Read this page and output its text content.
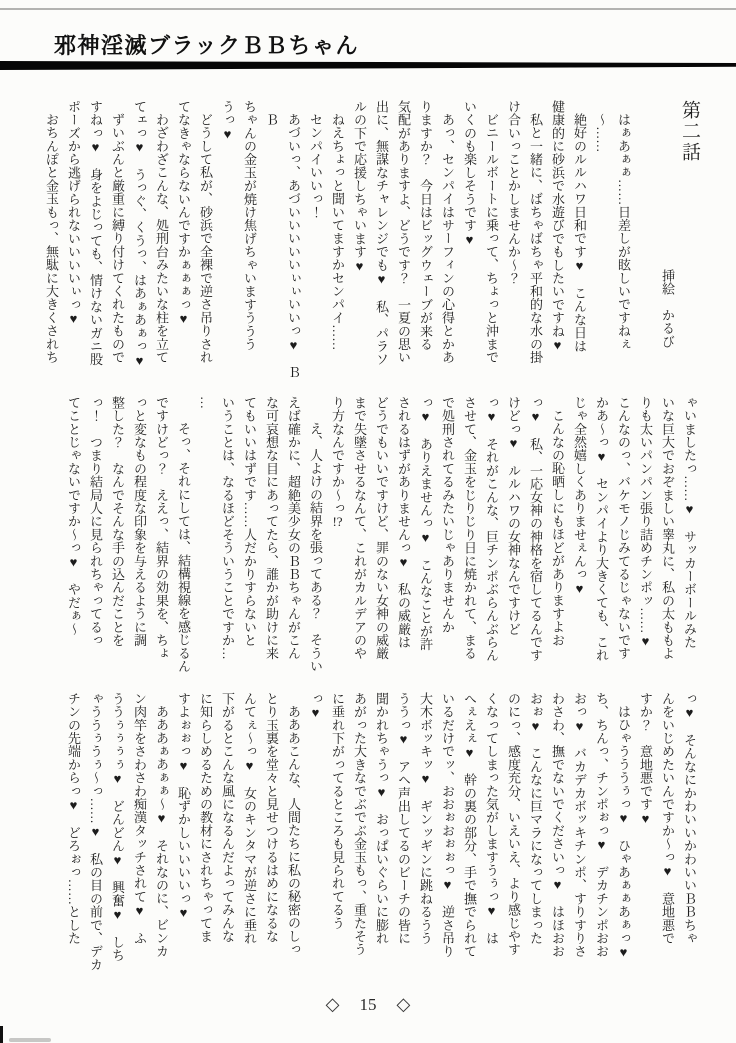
邪神淫滅ブラックＢＢちゃん

第二話

挿絵　かるび

はぁあぁぁ……日差しが眩しいですねぇ

～……

絶好のルルハワ日和です♥　こんな日は

健康的に砂浜で水遊びでもしたいですね♥

私と一緒に、ばちゃばちゃ平和的な水の掛

け合いっことかしませんか～？

ビニールボートに乗って、ちょっと沖まで

いくのも楽しそうです♥

あっ、センパイはサーフィンの心得とかあ

りますか？　今日はビッグウェーブが来る

気配がありますよ、どうです？　一夏の思い

出に、無謀なチャレンジでも♥　私、パラソ

ルの下で応援しちゃいます♥

ねえちょっと聞いてますかセンパイ……

センパイいいっ！

あづいっ、あづいいいいいぃぃいいっ♥　ＢＢ

ちゃんの金玉が焼け焦げちゃいますううう

うっ♥

どうして私が、砂浜で全裸で逆さ吊りされ

てなきゃならないんですかぁぁぁっ♥

わざわざこんな、処刑台みたいな柱を立て

てェっ♥　うっぐ、くうっ、はあぁあぁっ♥

ずいぶんと厳重に縛り付けてくれたもので

すねっ♥　身をよじっても、情けないガニ股

ポーズから逃げられないいいいぃっ♥

おちんぽと金玉もっ、無駄に大きくされち

ゃいましたっ……♥　サッカーボールみた

いな巨大でおぞましい睾丸に、私の太ももよ

りも太いパンパン張り詰めチンポッ……♥

こんなのっ、バケモノじみてるじゃないです

かあ～っ♥　センパイより大きくても、これ

じゃ全然嬉しくありませぇんっ♥

こんなの恥晒しにもほどがありますよお

っ♥　私、一応女神の神格を宿してるんです

けどっ♥　ルルハワの女神なんですけど

っ♥　それがこんな、巨チンポぶらんぶらん

させて、金玉をじりじり日に焼かれて、まる

で処刑されてるみたいじゃありませんか

っ♥　ありえませんっ♥　こんなことが許

されるはずがありませんっ♥　私の威厳は

どうでもいいですけど、罪のない女神の威厳

まで失墜させるなんて、これがカルデアのや

り方なんですか～っ!?

え、人よけの結界を張ってある？　そうい

えば確かに、超絶美少女のＢＢちゃんがこん

な可哀想な目にあってたら、誰かが助けに来

てもいいはずです……人だかりすらないと

いうことは、なるほどそういうことですか…

…

そっ、それにしては、結構視線を感じるん

ですけどっ？　ええっ、結界の効果を、ちょ

っと変なもの程度な印象を与えるように調

整した？　なんでそんな手の込んだことを

っ！　つまり結局人に見られちゃってるっ

てことじゃないですか～っ♥　やだぁ～

っ♥　そんなにかわいいかわいいＢＢちゃ

んをいじめたいんですか～っ♥　意地悪で

すか？　意地悪です♥

はひゃうううぅっ♥　ひゃあぁぁあぁっ♥

ち、ちんっ、チンポぉっ♥　デカチンポおお

おっ♥　バカデカボッキチンポ、すりすりさ

わさわ、撫でないでくださいっ♥　はほおお

おぉ♥　こんなに巨マラになってしまった

のにっ、感度充分、いえいえ、より感じやす

くなってしまった気がしますうぅっ♥　は

へぇえぇ♥　幹の裏の部分、手で撫でられて

いるだけでッ、おおぉおぉぉっ♥　逆さ吊り

大木ボッキッ♥　ギンッギンに跳ねるうう

ううっ♥　アヘ声出してるのビーチの皆に

聞かれちゃうっ♥　おっぱいぐらいに膨れ

あがった大きなでぶでぶ金玉もっ、重たそう

に垂れ下がってるところも見られてるう

っ♥

あああこんな、人間たちに私の秘密のしっ

とり玉裏を堂々と見せつけるはめになるな

んてぇ～っ♥　女のキンタマが逆さに垂れ

下がるとこんな風になるんだよってみんな

に知らしめるための教材にされちゃってま

すよぉぉっ♥　恥ずかしいいいいっ♥

あああぁあぁぁ～♥　それなのに、ビンカ

ン肉竿をさわさわ痴漢タッチされて♥　ふ

ううぅぅぅぅ♥　どんどん♥　興奮♥　しち

ゃううぅうぅ～っ……♥　私の目の前で、デカ

チンの先端からっ♥　どろぉっ……とした

◇ 15 ◇
